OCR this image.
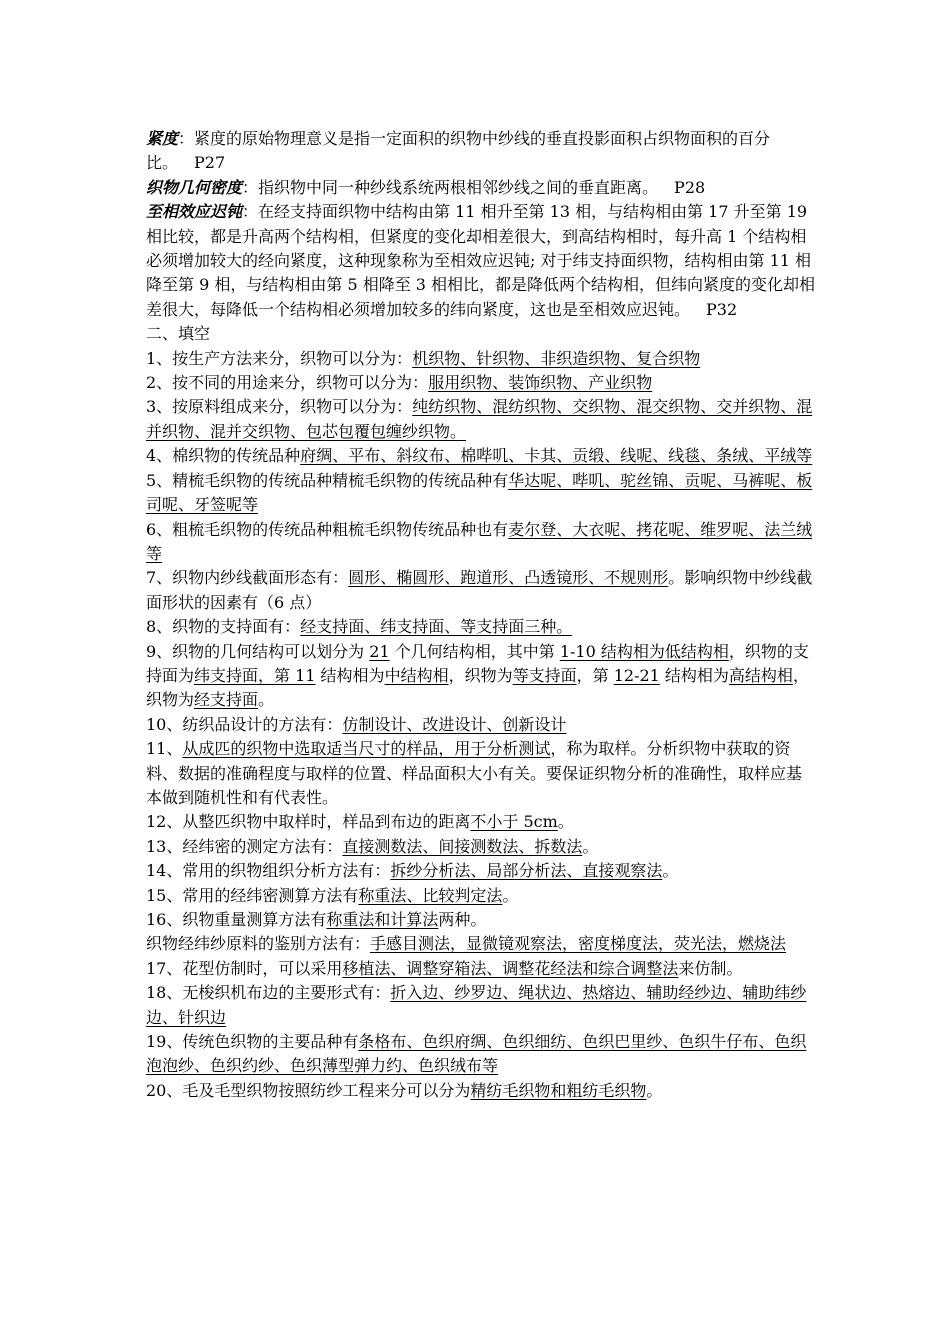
紧度：紧度的原始物理意义是指一定面积的织物中纱线的垂直投影面积占织物面积的百分比。  P27

织物几何密度：指织物中同一种纱线系统两根相邻纱线之间的垂直距离。  P28

至相效应迟钝：在经支持面织物中结构由第 11 相升至第 13 相，与结构相由第 17 升至第 19 相比较，都是升高两个结构相，但紧度的变化却相差很大，到高结构相时，每升高 1 个结构相必须增加较大的经向紧度，这种现象称为至相效应迟钝; 对于纬支持面织物，结构相由第 11 相降至第 9 相，与结构相由第 5 相降至 3 相相比，都是降低两个结构相，但纬向紧度的变化却相差很大，每降低一个结构相必须增加较多的纬向紧度，这也是至相效应迟钝。  P32

二、填空

1、按生产方法来分，织物可以分为：机织物、针织物、非织造织物、复合织物

2、按不同的用途来分，织物可以分为：服用织物、装饰织物、产业织物

3、按原料组成来分，织物可以分为：纯纺织物、混纺织物、交织物、混交织物、交并织物、混并织物、混并交织物、包芯包覆包缠纱织物。

4、棉织物的传统品种府绸、平布、斜纹布、棉哔叽、卡其、贡缎、线呢、线毯、条绒、平绒等

5、精梳毛织物的传统品种精梳毛织物的传统品种有华达呢、哔叽、驼丝锦、贡呢、马裤呢、板司呢、牙签呢等

6、粗梳毛织物的传统品种粗梳毛织物传统品种也有麦尔登、大衣呢、拷花呢、维罗呢、法兰绒等

7、织物内纱线截面形态有：圆形、椭圆形、跑道形、凸透镜形、不规则形。影响织物中纱线截面形状的因素有（6 点）

8、织物的支持面有：经支持面、纬支持面、等支持面三种。

9、织物的几何结构可以划分为 21 个几何结构相，其中第 1-10 结构相为低结构相，织物的支持面为纬支持面，第 11 结构相为中结构相，织物为等支持面，第 12-21 结构相为高结构相，织物为经支持面。

10、纺织品设计的方法有：仿制设计、改进设计、创新设计

11、从成匹的织物中选取适当尺寸的样品，用于分析测试，称为取样。分析织物中获取的资料、数据的准确程度与取样的位置、样品面积大小有关。要保证织物分析的准确性，取样应基本做到随机性和有代表性。

12、从整匹织物中取样时，样品到布边的距离不小于 5cm。

13、经纬密的测定方法有：直接测数法、间接测数法、拆数法。

14、常用的织物组织分析方法有：拆纱分析法、局部分析法、直接观察法。

15、常用的经纬密测算方法有称重法、比较判定法。

16、织物重量测算方法有称重法和计算法两种。

织物经纬纱原料的鉴别方法有：手感目测法，显微镜观察法，密度梯度法，荧光法，燃烧法

17、花型仿制时，可以采用移植法、调整穿箱法、调整花经法和综合调整法来仿制。

18、无梭织机布边的主要形式有：折入边、纱罗边、绳状边、热熔边、辅助经纱边、辅助纬纱边、针织边

19、传统色织物的主要品种有条格布、色织府绸、色织细纺、色织巴里纱、色织牛仔布、色织泡泡纱、色织约纱、色织薄型弹力约、色织绒布等

20、毛及毛型织物按照纺纱工程来分可以分为精纺毛织物和粗纺毛织物。
